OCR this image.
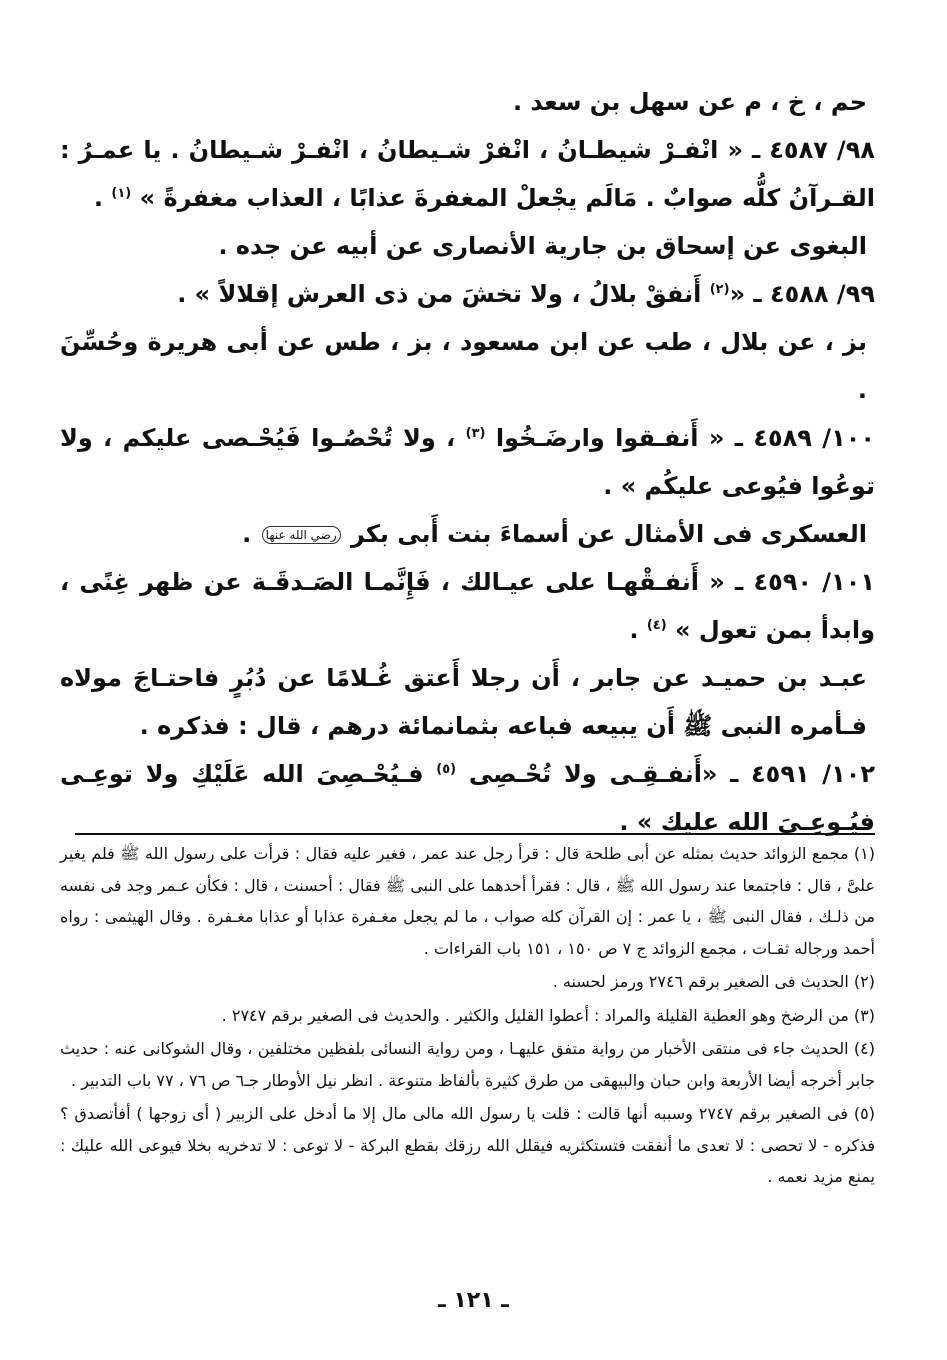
حم ، خ ، م عن سهل بن سعد .

٩٨/ ٤٥٨٧ ـ « انْفـرْ شيطـانُ ، انْفرْ شـيطانُ ، انْفـرْ شـيطانُ . يا عمـرُ : القـرآنُ كلُّه صوابٌ . مَالَم يجْعلْ المغفرةَ عذابًا ، العذاب مغفرةً » $^{(١)}$ .

البغوى عن إسحاق بن جارية الأنصارى عن أبيه عن جده .

٩٩/ ٤٥٨٨ ـ «$^{(٢)}$ أَنفقْ بلالُ ، ولا تخشَ من ذى العرش إقلالاً » .

بز ، عن بلال ، طب عن ابن مسعود ، بز ، طس عن أبى هريرة وحُسِّنَ .

١٠٠/ ٤٥٨٩ ـ « أَنفـقوا وارضَـخُوا $^{(٣)}$ ، ولا تُحْصُـوا فَيُحْـصى عليكم ، ولا توعُوا فيُوعى عليكُم » .

العسكرى فى الأمثال عن أسماءَ بنت أَبى بكر رضي الله عنها .

١٠١/ ٤٥٩٠ ـ « أَنفـقْهـا على عيـالك ، فَإِنَّمـا الصَـدقَـة عن ظهر غِنًى ، وابدأ بمن تعول » $^{(٤)}$ .

عبـد بن حميـد عن جابر ، أَن رجلا أَعتق غُـلامًا عن دُبُرٍ فاحتـاجَ مولاه فـأمره النبى ﷺ أَن يبيعه فباعه بثمانمائة درهم ، قال : فذكره .

١٠٢/ ٤٥٩١ ـ «أَنفـقِـى ولا تُحْـصِى $^{(٥)}$ فـيُحْـصِىَ الله عَلَيْكِ ولا توعِـى فيُـوعِـىَ الله عليك » .

(١) مجمع الزوائد حديث بمثله عن أبى طلحة قال : قرأ رجل عند عمر ، فغير عليه فقال : قرأت على رسول الله ﷺ فلم يغير علىَّ ، قال : فاجتمعا عند رسول الله ﷺ ، قال : فقرأ أحدهما على النبى ﷺ فقال : أحسنت ، قال : فكأن عـمر وجد فى نفسه من ذلـك ، فقال النبى ﷺ ، يا عمر : إن القرآن كله صواب ، ما لم يجعل مغـفرة عذابا أو عذابا مغـفرة . وقال الهيثمى : رواه أحمد ورجاله ثقـات ، مجمع الزوائد ج ٧ ص ١٥٠ ، ١٥١ باب القراءات .

(٢) الحديث فى الصغير برقم ٢٧٤٦ ورمز لحسنه .

(٣) من الرضخ وهو العطية القليلة والمراد : أعطوا القليل والكثير . والحديث فى الصغير برقم ٢٧٤٧ .

(٤) الحديث جاء فى منتقى الأخبار من رواية متفق عليهـا ، ومن رواية النسائى بلفظين مختلفين ، وقال الشوكانى عنه : حديث جابر أخرجه أيضا الأربعة وابن حبان والبيهقى من طرق كثيرة بألفاظ متنوعة . انظر نيل الأوطار جـ٦ ص ٧٦ ، ٧٧ باب التدبير .

(٥) فى الصغير برقم ٢٧٤٧ وسببه أنها قالت : قلت يا رسول الله مالى مال إلا ما أدخل على الزبير ( أى زوجها ) أفأتصدق ؟ فذكره - لا تحصى : لا تعدى ما أنفقت فتستكثريه فيقلل الله رزقك بقطع البركة - لا توعى : لا تدخريه بخلا فيوعى الله عليك : يمنع مزيد نعمه .

ـ ١٢١ ـ
